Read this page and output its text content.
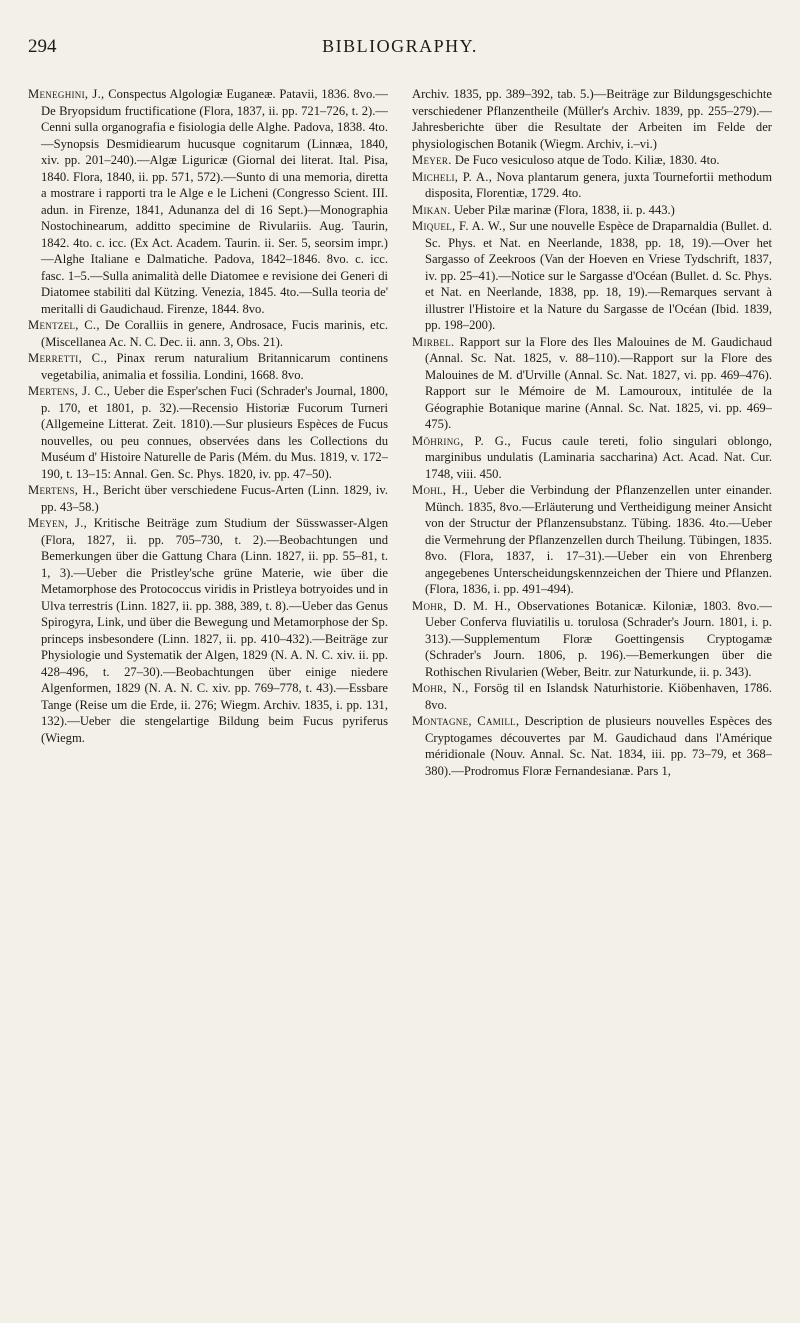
294	BIBLIOGRAPHY.

Meneghini, J., Conspectus Algologiæ Euganeæ. Patavii, 1836. 8vo.—De Bryopsidum fructificatione (Flora, 1837, ii. pp. 721–726, t. 2).—Cenni sulla organografia e fisiologia delle Alghe. Padova, 1838. 4to.—Synopsis Desmidiearum hucusque cognitarum (Linnæa, 1840, xiv. pp. 201–240).—Algæ Liguricæ (Giornal dei literat. Ital. Pisa, 1840. Flora, 1840, ii. pp. 571, 572).—Sunto di una memoria, diretta a mostrare i rapporti tra le Alge e le Licheni (Congresso Scient. III. adun. in Firenze, 1841, Adunanza del di 16 Sept.)—Monographia Nostochinearum, additto specimine de Rivulariis. Aug. Taurin, 1842. 4to. c. icc. (Ex Act. Academ. Taurin. ii. Ser. 5, seorsim impr.)—Alghe Italiane e Dalmatiche. Padova, 1842–1846. 8vo. c. icc. fasc. 1–5.—Sulla animalità delle Diatomee e revisione dei Generi di Diatomee stabiliti dal Kützing. Venezia, 1845. 4to.—Sulla teoria de' meritalli di Gaudichaud. Firenze, 1844. 8vo.

Mentzel, C., De Coralliis in genere, Androsace, Fucis marinis, etc. (Miscellanea Ac. N. C. Dec. ii. ann. 3, Obs. 21).

Merretti, C., Pinax rerum naturalium Britannicarum continens vegetabilia, animalia et fossilia. Londini, 1668. 8vo.

Mertens, J. C., Ueber die Esper'schen Fuci (Schrader's Journal, 1800, p. 170, et 1801, p. 32).—Recensio Historiæ Fucorum Turneri (Allgemeine Litterat. Zeit. 1810).—Sur plusieurs Espèces de Fucus nouvelles, ou peu connues, observées dans les Collections du Muséum d' Histoire Naturelle de Paris (Mém. du Mus. 1819, v. 172–190, t. 13–15: Annal. Gen. Sc. Phys. 1820, iv. pp. 47–50).

Mertens, H., Bericht über verschiedene Fucus-Arten (Linn. 1829, iv. pp. 43–58.)

Meyen, J., Kritische Beiträge zum Studium der Süsswasser-Algen (Flora, 1827, ii. pp. 705–730, t. 2).—Beobachtungen und Bemerkungen über die Gattung Chara (Linn. 1827, ii. pp. 55–81, t. 1, 3).—Ueber die Pristley'sche grüne Materie, wie über die Metamorphose des Protococcus viridis in Pristleya botryoides und in Ulva terrestris (Linn. 1827, ii. pp. 388, 389, t. 8).—Ueber das Genus Spirogyra, Link, und über die Bewegung und Metamorphose der Sp. princeps insbesondere (Linn. 1827, ii. pp. 410–432).—Beiträge zur Physiologie und Systematik der Algen, 1829 (N. A. N. C. xiv. ii. pp. 428–496, t. 27–30).—Beobachtungen über einige niedere Algenformen, 1829 (N. A. N. C. xiv. pp. 769–778, t. 43).—Essbare Tange (Reise um die Erde, ii. 276; Wiegm. Archiv. 1835, i. pp. 131, 132).—Ueber die stengelartige Bildung beim Fucus pyriferus (Wiegm.

Archiv. 1835, pp. 389–392, tab. 5.)—Beiträge zur Bildungsgeschichte verschiedener Pflanzentheile (Müller's Archiv. 1839, pp. 255–279).—Jahresberichte über die Resultate der Arbeiten im Felde der physiologischen Botanik (Wiegm. Archiv, i.–vi.)

Meyer. De Fuco vesiculoso atque de Todo. Kiliæ, 1830. 4to.

Micheli, P. A., Nova plantarum genera, juxta Tournefortii methodum disposita, Florentiæ, 1729. 4to.

Mikan. Ueber Pilæ marinæ (Flora, 1838, ii. p. 443.)

Miquel, F. A. W., Sur une nouvelle Espèce de Draparnaldia (Bullet. d. Sc. Phys. et Nat. en Neerlande, 1838, pp. 18, 19).—Over het Sargasso of Zeekroos (Van der Hoeven en Vriese Tydschrift, 1837, iv. pp. 25–41).—Notice sur le Sargasse d'Océan (Bullet. d. Sc. Phys. et Nat. en Neerlande, 1838, pp. 18, 19).—Remarques servant à illustrer l'Histoire et la Nature du Sargasse de l'Océan (Ibid. 1839, pp. 198–200).

Mirbel. Rapport sur la Flore des Iles Malouines de M. Gaudichaud (Annal. Sc. Nat. 1825, v. 88–110).—Rapport sur la Flore des Malouines de M. d'Urville (Annal. Sc. Nat. 1827, vi. pp. 469–476). Rapport sur le Mémoire de M. Lamouroux, intitulée de la Géographie Botanique marine (Annal. Sc. Nat. 1825, vi. pp. 469–475).

Möhring, P. G., Fucus caule tereti, folio singulari oblongo, marginibus undulatis (Laminaria saccharina) Act. Acad. Nat. Cur. 1748, viii. 450.

Mohl, H., Ueber die Verbindung der Pflanzenzellen unter einander. Münch. 1835, 8vo.—Erläuterung und Vertheidigung meiner Ansicht von der Structur der Pflanzensubstanz. Tübing. 1836. 4to.—Ueber die Vermehrung der Pflanzenzellen durch Theilung. Tübingen, 1835. 8vo. (Flora, 1837, i. 17–31).—Ueber ein von Ehrenberg angegebenes Unterscheidungskennzeichen der Thiere und Pflanzen. (Flora, 1836, i. pp. 491–494).

Mohr, D. M. H., Observationes Botanicæ. Kiloniæ, 1803. 8vo.—Ueber Conferva fluviatilis u. torulosa (Schrader's Journ. 1801, i. p. 313).—Supplementum Floræ Goettingensis Cryptogamæ (Schrader's Journ. 1806, p. 196).—Bemerkungen über die Rothischen Rivularien (Weber, Beitr. zur Naturkunde, ii. p. 343).

Mohr, N., Forsög til en Islandsk Naturhistorie. Kiöbenhaven, 1786. 8vo.

Montagne, Camill, Description de plusieurs nouvelles Espèces des Cryptogames découvertes par M. Gaudichaud dans l'Amérique méridionale (Nouv. Annal. Sc. Nat. 1834, iii. pp. 73–79, et 368–380).—Prodromus Floræ Fernandesianæ. Pars 1,
